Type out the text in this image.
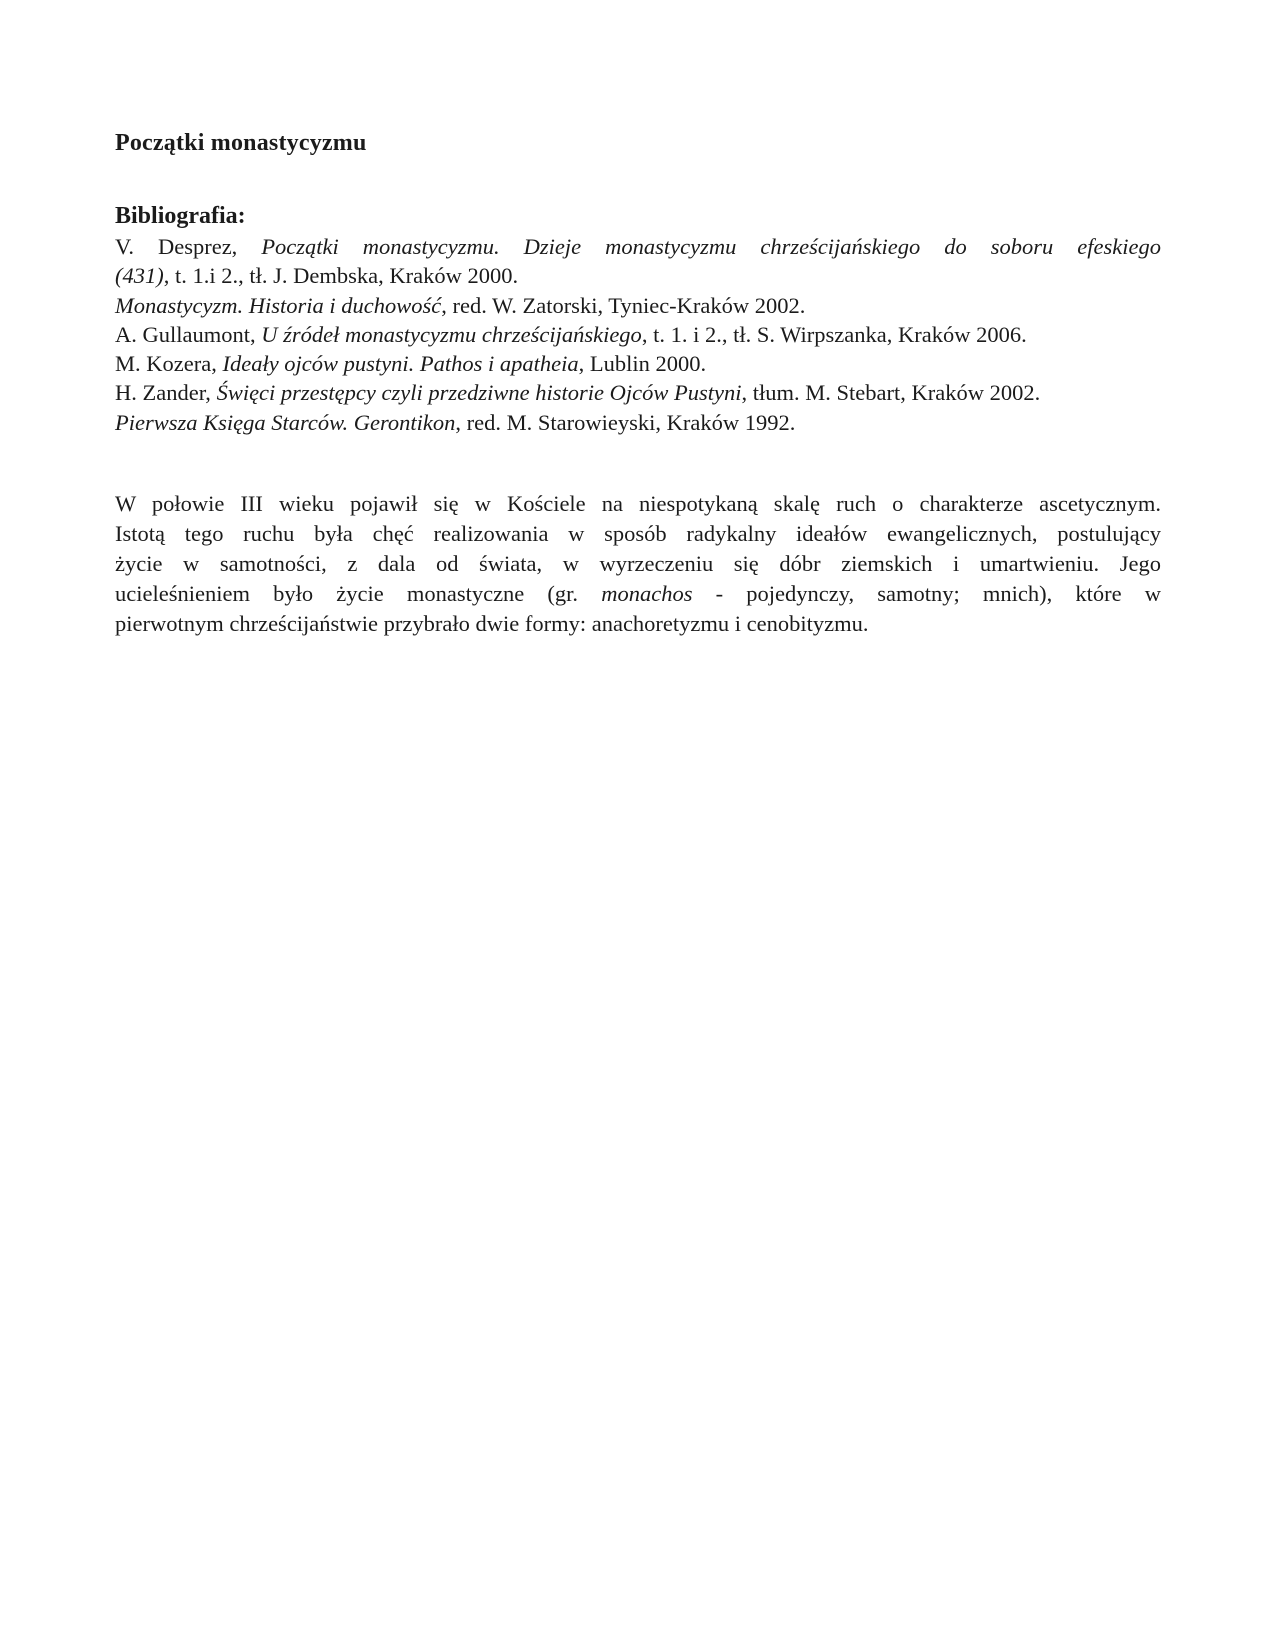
Początki monastycyzmu
Bibliografia:
V. Desprez, Początki monastycyzmu. Dzieje monastycyzmu chrześcijańskiego do soboru efeskiego
(431), t. 1.i 2., tł. J. Dembska, Kraków 2000.
Monastycyzm. Historia i duchowość, red. W. Zatorski, Tyniec-Kraków 2002.
A. Gullaumont, U źródeł monastycyzmu chrześcijańskiego, t. 1. i 2., tł. S. Wirpszanka, Kraków 2006.
M. Kozera, Ideały ojców pustyni. Pathos i apatheia, Lublin 2000.
H. Zander, Święci przestępcy czyli przedziwne historie Ojców Pustyni, tłum. M. Stebart, Kraków 2002.
Pierwsza Księga Starców. Gerontikon, red. M. Starowieyski, Kraków 1992.
W połowie III wieku pojawił się w Kościele na niespotykaną skalę ruch o charakterze ascetycznym.
Istotą tego ruchu była chęć realizowania w sposób radykalny ideałów ewangelicznych, postulujący
życie w samotności, z dala od świata, w wyrzeczeniu się dóbr ziemskich i umartwieniu. Jego
ucieleśnieniem było życie monastyczne (gr. monachos - pojedynczy, samotny; mnich), które w
pierwotnym chrześcijaństwie przybrało dwie formy: anachoretyzmu i cenobityzmu.
